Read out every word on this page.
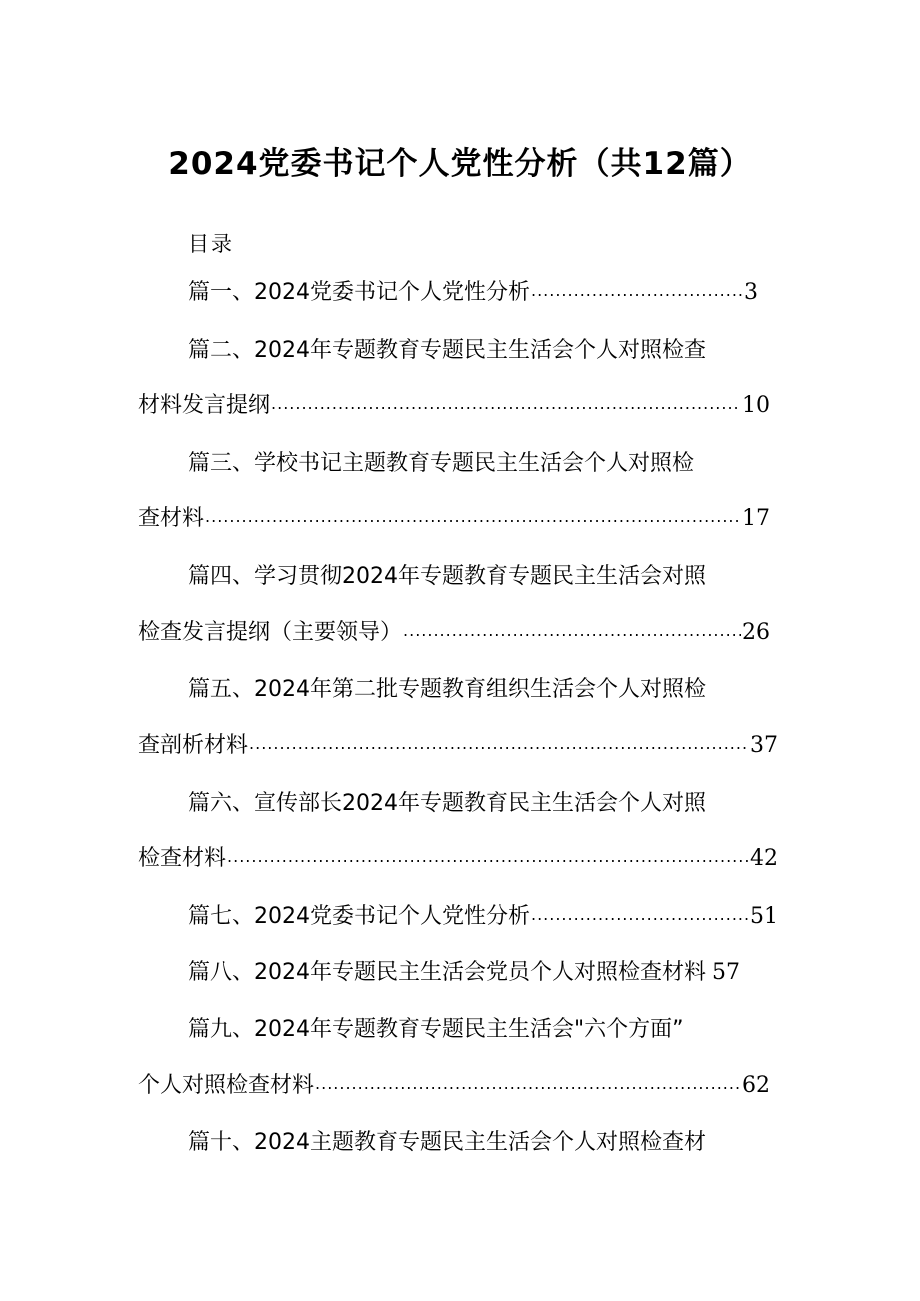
2024党委书记个人党性分析（共12篇）
目录
篇一、2024党委书记个人党性分析 .....	3
篇二、2024年专题教育专题民主生活会个人对照检查
材料发言提纲 .....	10
篇三、学校书记主题教育专题民主生活会个人对照检
查材料 .....	17
篇四、学习贯彻2024年专题教育专题民主生活会对照
检查发言提纲（主要领导） .....	26
篇五、2024年第二批专题教育组织生活会个人对照检
查剖析材料 .....	37
篇六、宣传部长2024年专题教育民主生活会个人对照
检查材料 .....	42
篇七、2024党委书记个人党性分析 .....	51
篇八、2024年专题民主生活会党员个人对照检查材料 57
篇九、2024年专题教育专题民主生活会"六个方面”
个人对照检查材料 .....	62
篇十、2024主题教育专题民主生活会个人对照检查材
